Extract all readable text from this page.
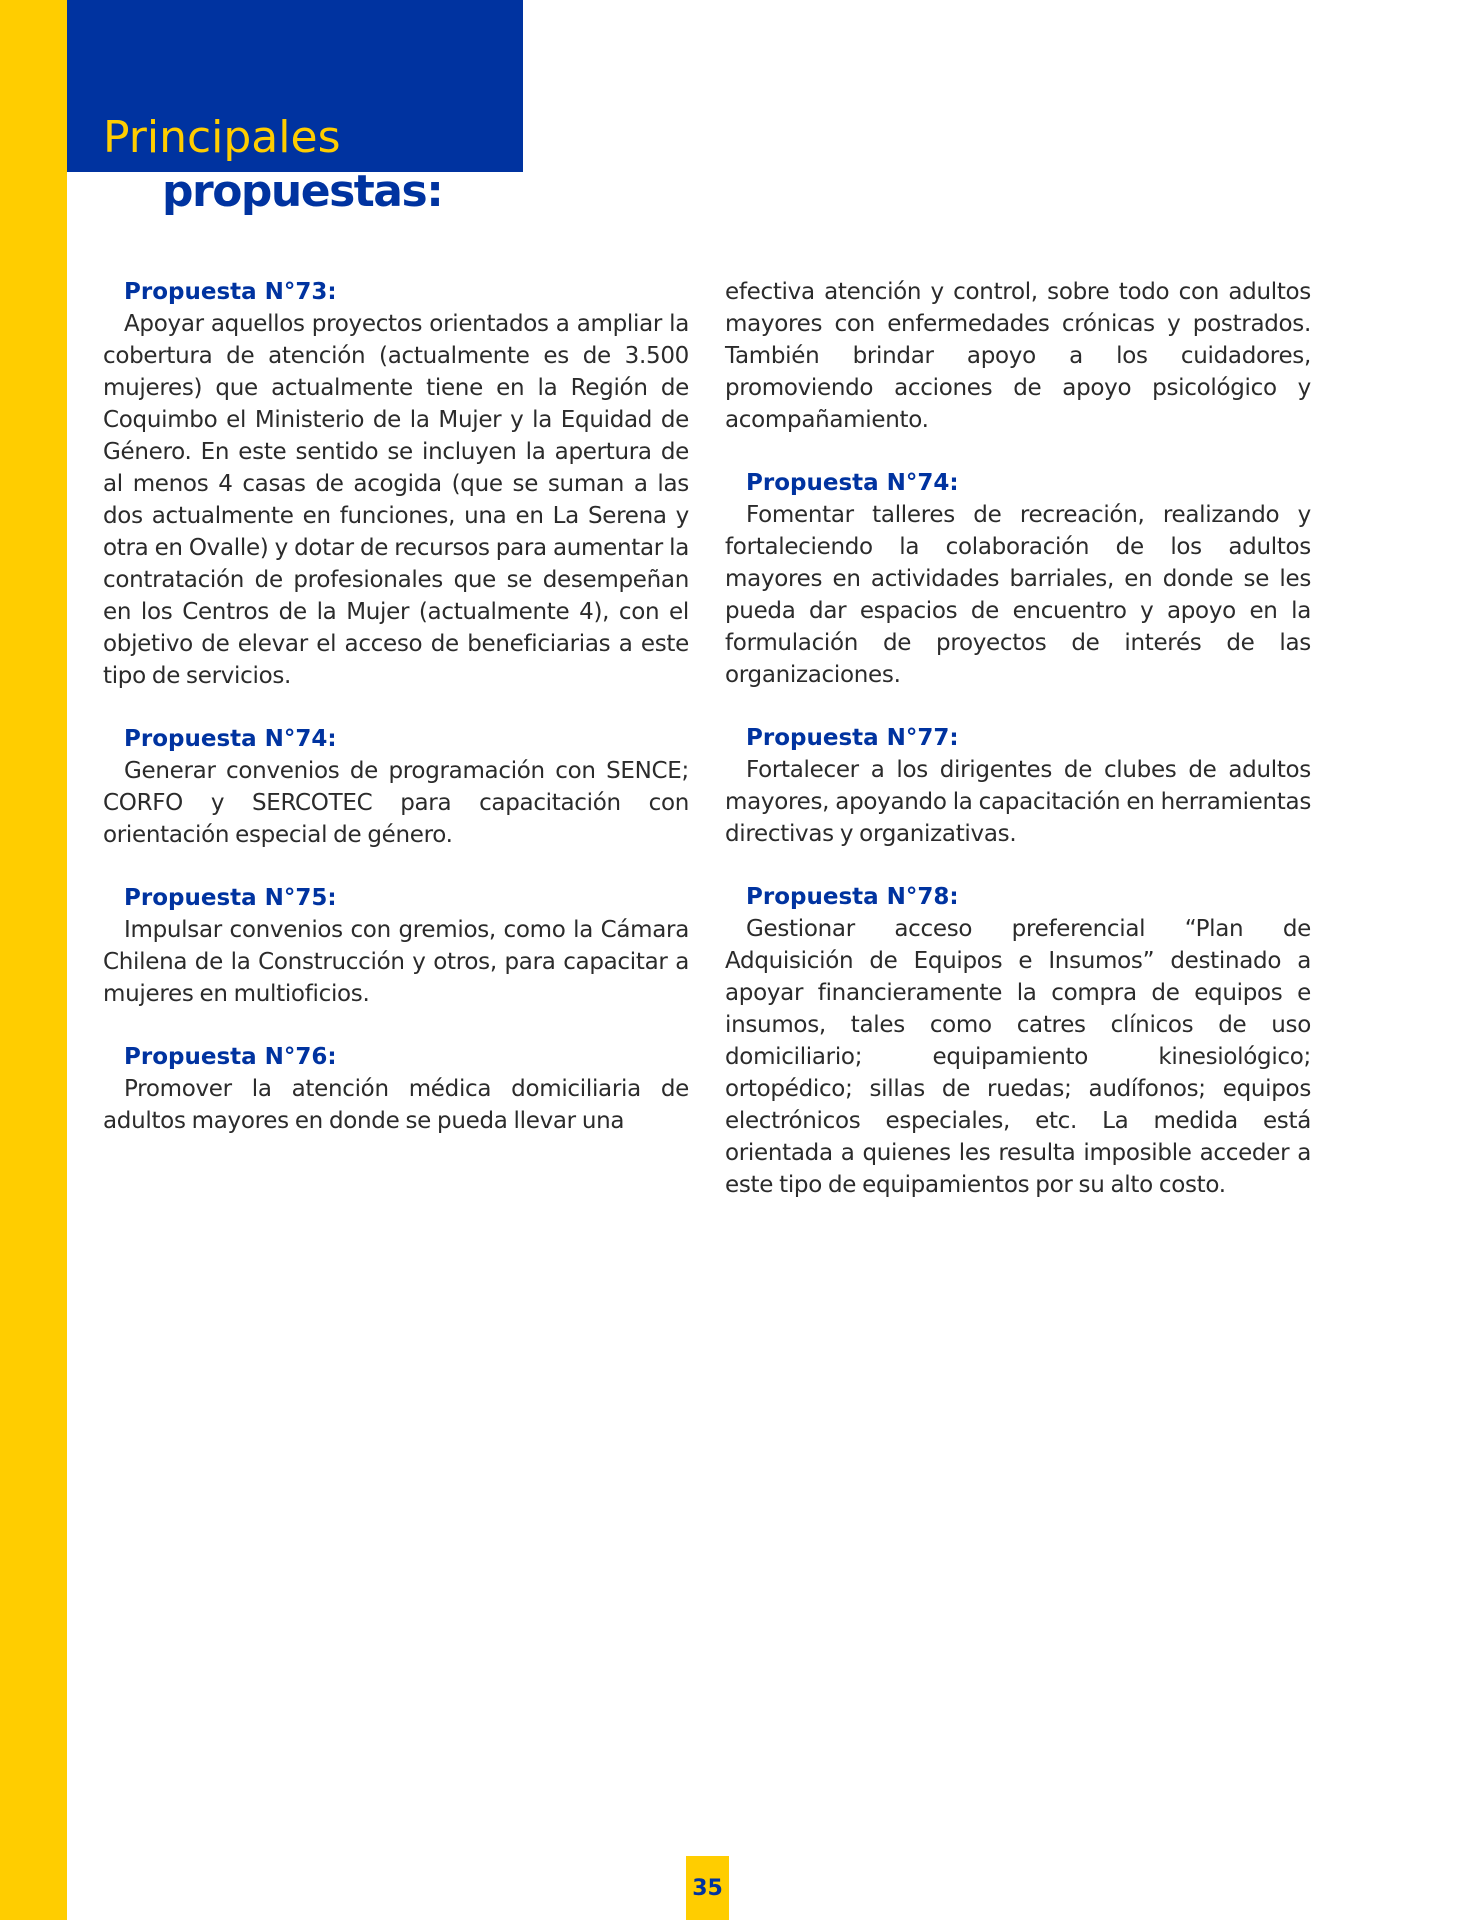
Principales
propuestas:

Propuesta N°73:

Apoyar aquellos proyectos orientados a ampliar la cobertura de atención (actualmente es de 3.500 mujeres) que actualmente tiene en la Región de Coquimbo el Ministerio de la Mujer y la Equidad de Género. En este sentido se incluyen la apertura de al menos 4 casas de acogida (que se suman a las dos actualmente en funciones, una en La Serena y otra en Ovalle) y dotar de recursos para aumentar la contratación de profesionales que se desempeñan en los Centros de la Mujer (actualmente 4), con el objetivo de elevar el acceso de beneficiarias a este tipo de servicios.

Propuesta N°74:

Generar convenios de programación con SENCE; CORFO y SERCOTEC para capacitación con orientación especial de género.

Propuesta N°75:

Impulsar convenios con gremios, como la Cámara Chilena de la Construcción y otros, para capacitar a mujeres en multioficios.

Propuesta N°76:

Promover la atención médica domiciliaria de adultos mayores en donde se pueda llevar una

efectiva atención y control, sobre todo con adultos mayores con enfermedades crónicas y postrados. También brindar apoyo a los cuidadores, promoviendo acciones de apoyo psicológico y acompañamiento.

Propuesta N°74:

Fomentar talleres de recreación, realizando y fortaleciendo la colaboración de los adultos mayores en actividades barriales, en donde se les pueda dar espacios de encuentro y apoyo en la formulación de proyectos de interés de las organizaciones.

Propuesta N°77:

Fortalecer a los dirigentes de clubes de adultos mayores, apoyando la capacitación en herramientas directivas y organizativas.

Propuesta N°78:

Gestionar acceso preferencial “Plan de Adquisición de Equipos e Insumos” destinado a apoyar financieramente la compra de equipos e insumos, tales como catres clínicos de uso domiciliario; equipamiento kinesiológico; ortopédico; sillas de ruedas; audífonos; equipos electrónicos especiales, etc. La medida está orientada a quienes les resulta imposible acceder a este tipo de equipamientos por su alto costo.

35
